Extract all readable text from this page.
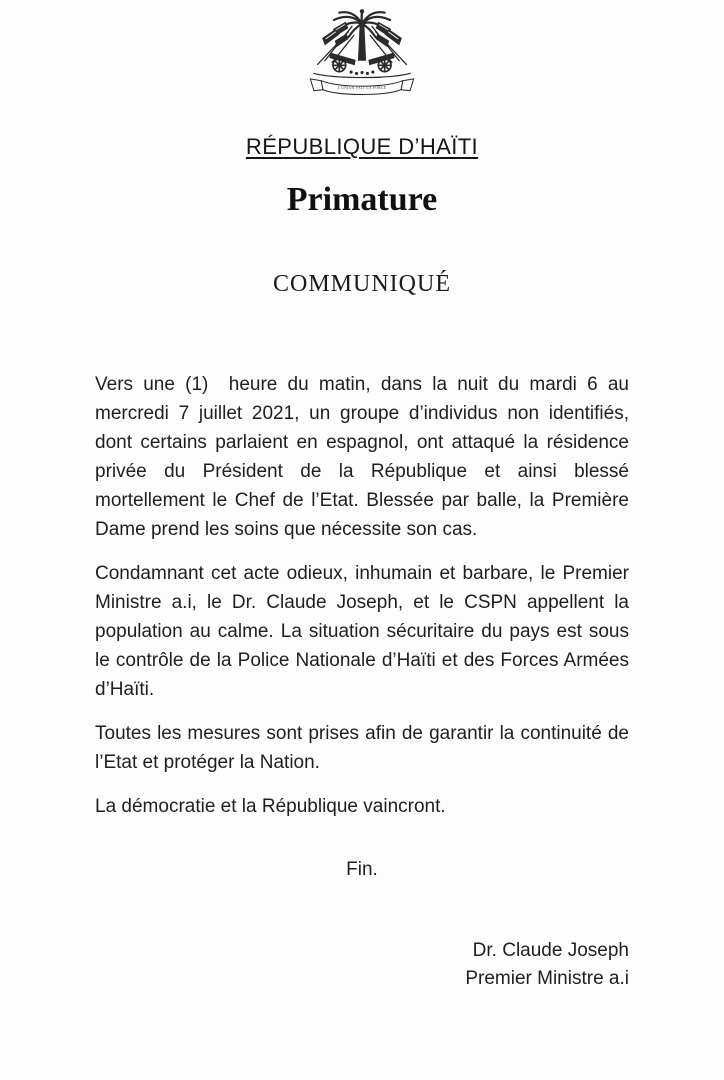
L'UNION FAIT LA FORCE
RÉPUBLIQUE D’HAÏTI
Primature
COMMUNIQUÉ

Vers une (1)  heure du matin, dans la nuit du mardi 6 au mercredi 7 juillet 2021, un groupe d’individus non identifiés, dont certains parlaient en espagnol, ont attaqué la résidence privée du Président de la République et ainsi blessé mortellement le Chef de l’Etat. Blessée par balle, la Première Dame prend les soins que nécessite son cas.

Condamnant cet acte odieux, inhumain et barbare, le Premier Ministre a.i, le Dr. Claude Joseph, et le CSPN appellent la population au calme. La situation sécuritaire du pays est sous le contrôle de la Police Nationale d’Haïti et des Forces Armées d’Haïti.

Toutes les mesures sont prises afin de garantir la continuité de l’Etat et protéger la Nation.

La démocratie et la République vaincront.

Fin.
Dr. Claude Joseph
Premier Ministre a.i
